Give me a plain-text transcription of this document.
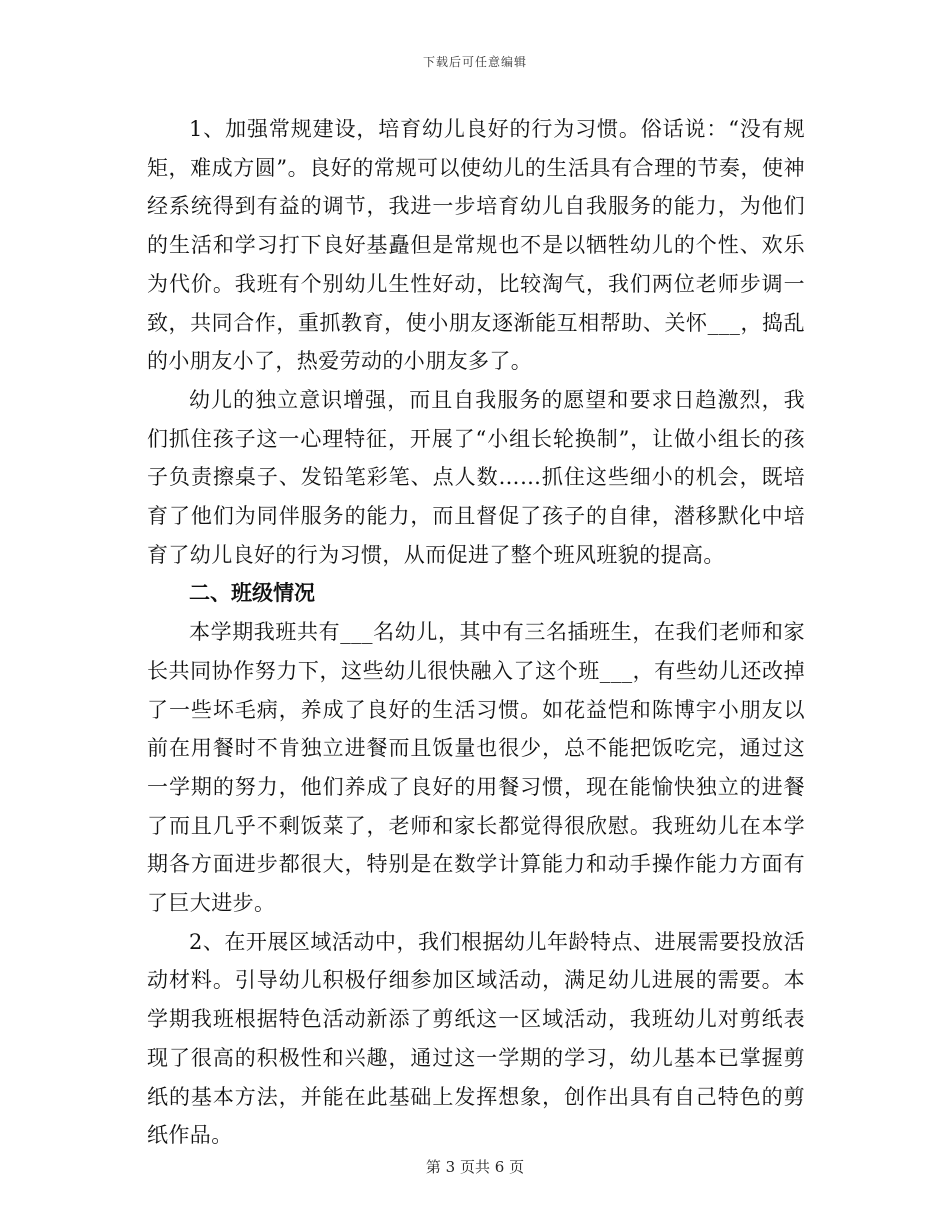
下载后可任意编辑

1、加强常规建设，培育幼儿良好的行为习惯。俗话说：“没有规矩，难成方圆”。良好的常规可以使幼儿的生活具有合理的节奏，使神经系统得到有益的调节，我进一步培育幼儿自我服务的能力，为他们的生活和学习打下良好基矗但是常规也不是以牺牲幼儿的个性、欢乐为代价。我班有个别幼儿生性好动，比较淘气，我们两位老师步调一致，共同合作，重抓教育，使小朋友逐渐能互相帮助、关怀___，捣乱的小朋友小了，热爱劳动的小朋友多了。

幼儿的独立意识增强，而且自我服务的愿望和要求日趋激烈，我们抓住孩子这一心理特征，开展了“小组长轮换制”，让做小组长的孩子负责擦桌子、发铅笔彩笔、点人数……抓住这些细小的机会，既培育了他们为同伴服务的能力，而且督促了孩子的自律，潜移默化中培育了幼儿良好的行为习惯，从而促进了整个班风班貌的提高。

二、班级情况

本学期我班共有___名幼儿，其中有三名插班生，在我们老师和家长共同协作努力下，这些幼儿很快融入了这个班___，有些幼儿还改掉了一些坏毛病，养成了良好的生活习惯。如花益恺和陈博宇小朋友以前在用餐时不肯独立进餐而且饭量也很少，总不能把饭吃完，通过这一学期的努力，他们养成了良好的用餐习惯，现在能愉快独立的进餐了而且几乎不剩饭菜了，老师和家长都觉得很欣慰。我班幼儿在本学期各方面进步都很大，特别是在数学计算能力和动手操作能力方面有了巨大进步。

2、在开展区域活动中，我们根据幼儿年龄特点、进展需要投放活动材料。引导幼儿积极仔细参加区域活动，满足幼儿进展的需要。本学期我班根据特色活动新添了剪纸这一区域活动，我班幼儿对剪纸表现了很高的积极性和兴趣，通过这一学期的学习，幼儿基本已掌握剪纸的基本方法，并能在此基础上发挥想象，创作出具有自己特色的剪纸作品。

第 3 页共 6 页
